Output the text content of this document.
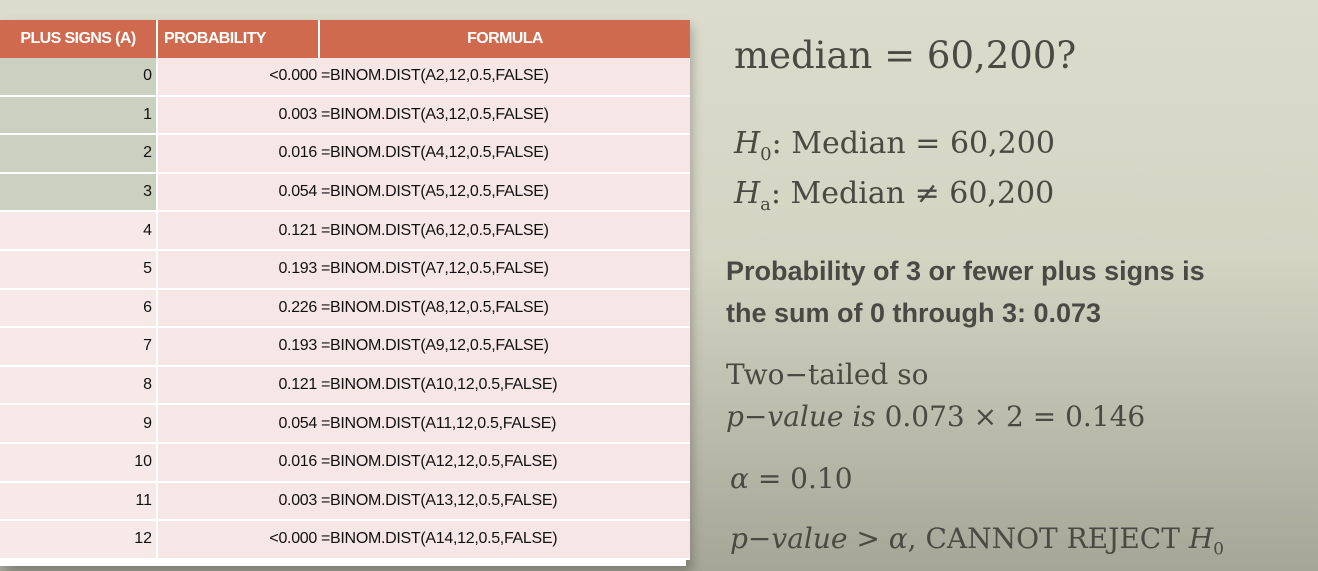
PLUS SIGNS (A)	PROBABILITY	FORMULA
0	<0.000	=BINOM.DIST(A2,12,0.5,FALSE)
1	0.003	=BINOM.DIST(A3,12,0.5,FALSE)
2	0.016	=BINOM.DIST(A4,12,0.5,FALSE)
3	0.054	=BINOM.DIST(A5,12,0.5,FALSE)
4	0.121	=BINOM.DIST(A6,12,0.5,FALSE)
5	0.193	=BINOM.DIST(A7,12,0.5,FALSE)
6	0.226	=BINOM.DIST(A8,12,0.5,FALSE)
7	0.193	=BINOM.DIST(A9,12,0.5,FALSE)
8	0.121	=BINOM.DIST(A10,12,0.5,FALSE)
9	0.054	=BINOM.DIST(A11,12,0.5,FALSE)
10	0.016	=BINOM.DIST(A12,12,0.5,FALSE)
11	0.003	=BINOM.DIST(A13,12,0.5,FALSE)
12	<0.000	=BINOM.DIST(A14,12,0.5,FALSE)
median = 60,200?
$H_0$: Median = 60,200
$H_a$: Median ≠ 60,200
Probability of 3 or fewer plus signs is
the sum of 0 through 3: 0.073
Two−tailed so
p−value is 0.073 × 2 = 0.146
α = 0.10
p−value > α, CANNOT REJECT $H_0$
